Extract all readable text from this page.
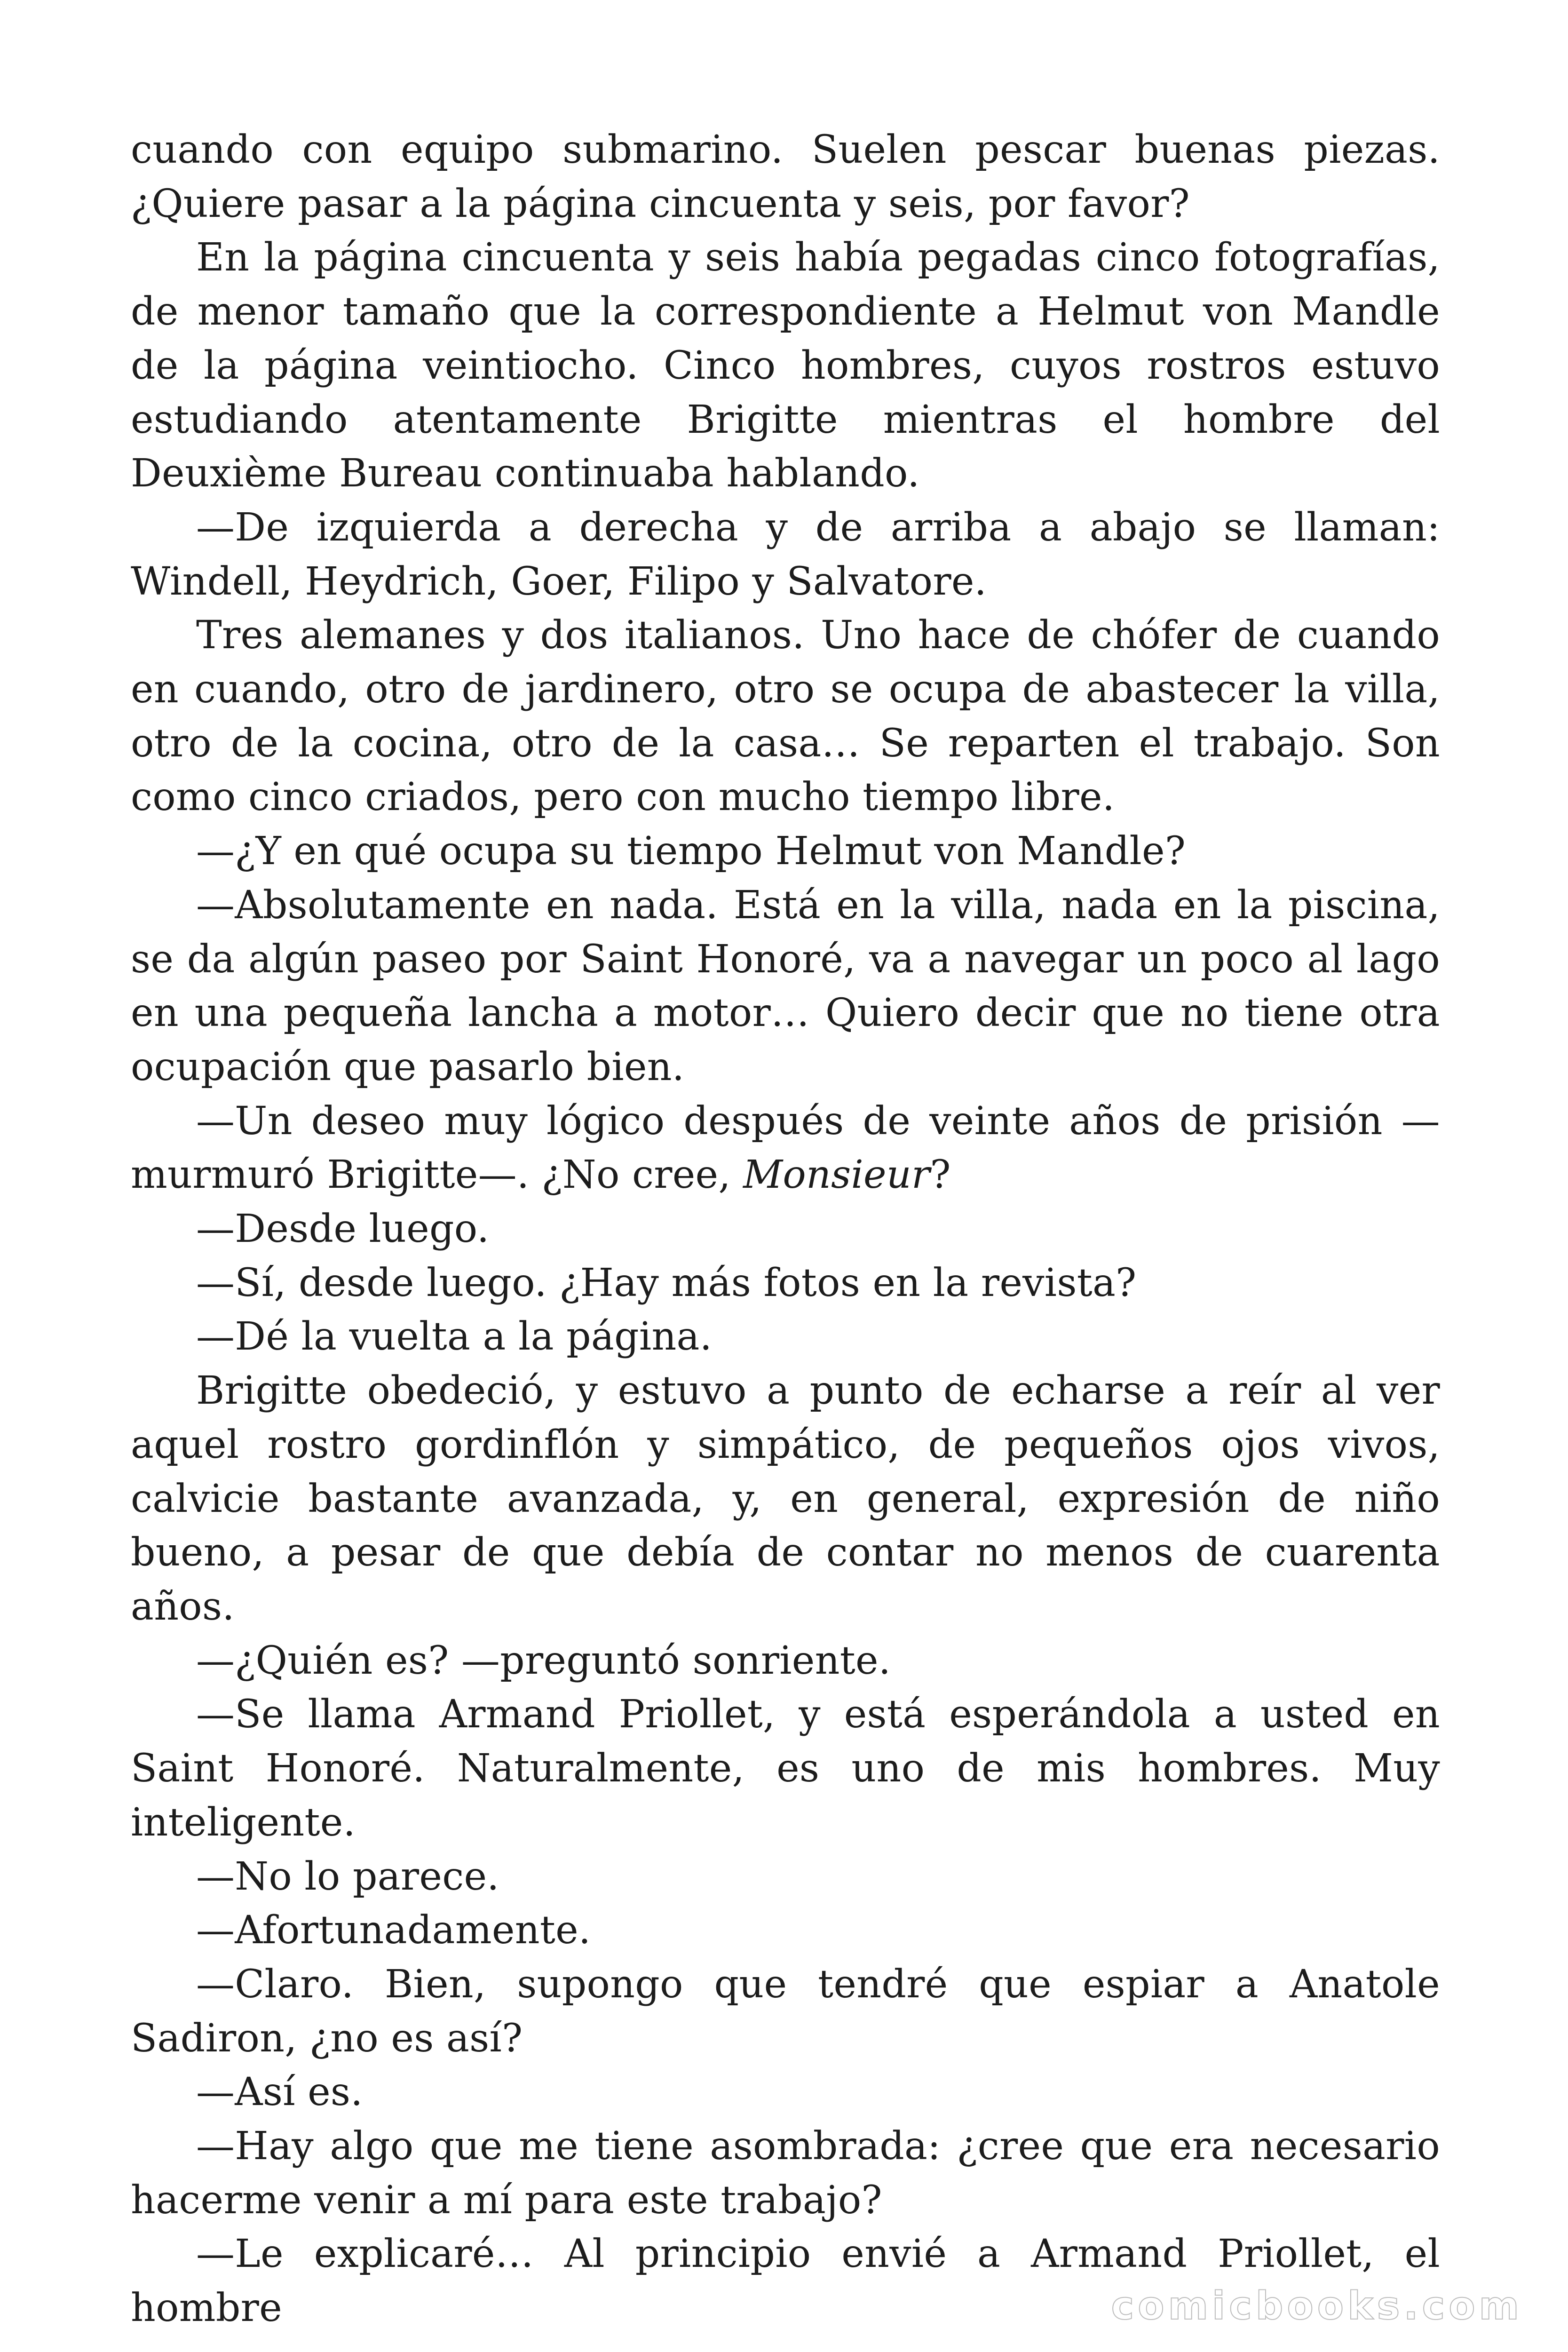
cuando con equipo submarino. Suelen pescar buenas piezas. ¿Quiere pasar a la página cincuenta y seis, por favor?

En la página cincuenta y seis había pegadas cinco fotografías, de menor tamaño que la correspondiente a Helmut von Mandle de la página veintiocho. Cinco hombres, cuyos rostros estuvo estudiando atentamente Brigitte mientras el hombre del Deuxième Bureau continuaba hablando.

—De izquierda a derecha y de arriba a abajo se llaman: Windell, Heydrich, Goer, Filipo y Salvatore.

Tres alemanes y dos italianos. Uno hace de chófer de cuando en cuando, otro de jardinero, otro se ocupa de abastecer la villa, otro de la cocina, otro de la casa… Se reparten el trabajo. Son como cinco criados, pero con mucho tiempo libre.

—¿Y en qué ocupa su tiempo Helmut von Mandle?

—Absolutamente en nada. Está en la villa, nada en la piscina, se da algún paseo por Saint Honoré, va a navegar un poco al lago en una pequeña lancha a motor… Quiero decir que no tiene otra ocupación que pasarlo bien.

—Un deseo muy lógico después de veinte años de prisión —murmuró Brigitte—. ¿No cree, Monsieur?

—Desde luego.

—Sí, desde luego. ¿Hay más fotos en la revista?

—Dé la vuelta a la página.

Brigitte obedeció, y estuvo a punto de echarse a reír al ver aquel rostro gordinflón y simpático, de pequeños ojos vivos, calvicie bastante avanzada, y, en general, expresión de niño bueno, a pesar de que debía de contar no menos de cuarenta años.

—¿Quién es? —preguntó sonriente.

—Se llama Armand Priollet, y está esperándola a usted en Saint Honoré. Naturalmente, es uno de mis hombres. Muy inteligente.

—No lo parece.

—Afortunadamente.

—Claro. Bien, supongo que tendré que espiar a Anatole Sadiron, ¿no es así?

—Así es.

—Hay algo que me tiene asombrada: ¿cree que era necesario hacerme venir a mí para este trabajo?

—Le explicaré… Al principio envié a Armand Priollet, el hombre	comicbooks.com
